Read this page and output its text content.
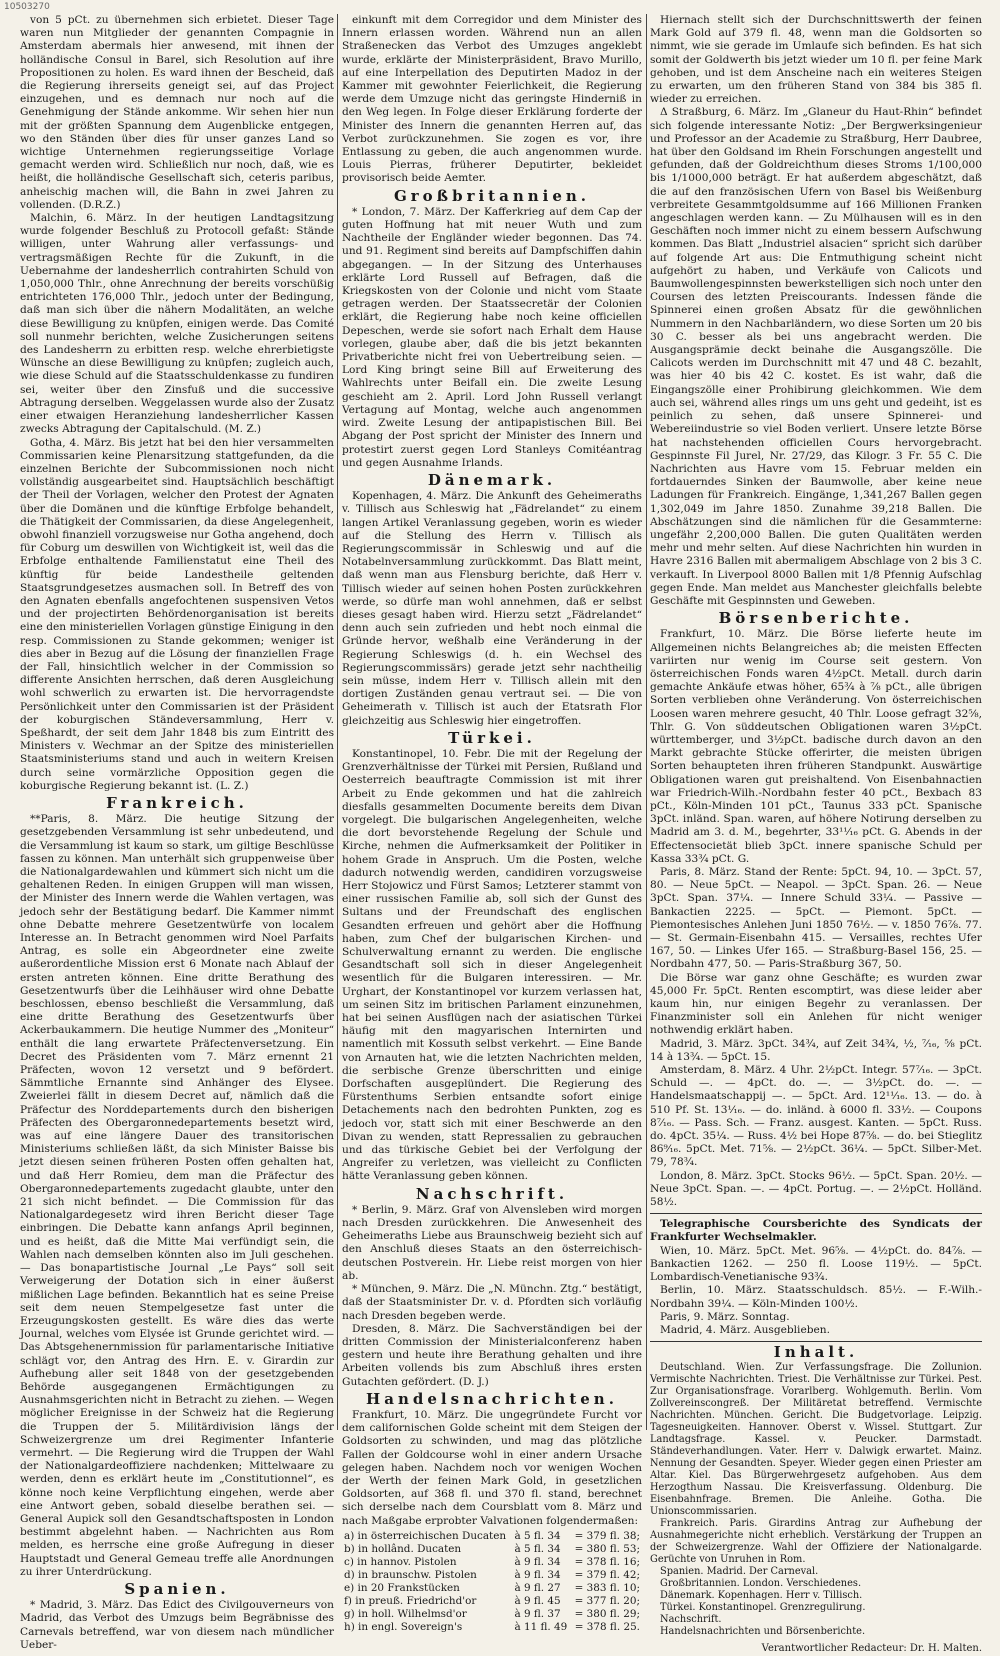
10503270

von 5 pCt. zu übernehmen sich erbietet. Dieser Tage waren nun Mitglieder der genannten Compagnie in Amsterdam abermals hier anwesend, mit ihnen der holländische Consul in Barel, sich Resolution auf ihre Propositionen zu holen. Es ward ihnen der Bescheid, daß die Regierung ihrerseits geneigt sei, auf das Project einzugehen, und es demnach nur noch auf die Genehmigung der Stände ankomme. Wir sehen hier nun mit der größten Spannung dem Augenblicke entgegen, wo den Ständen über dies für unser ganzes Land so wichtige Unternehmen regierungsseitige Vorlage gemacht werden wird. Schließlich nur noch, daß, wie es heißt, die holländische Gesellschaft sich, ceteris paribus, anheischig machen will, die Bahn in zwei Jahren zu vollenden. (D.R.Z.)

Malchin, 6. März. In der heutigen Landtagsitzung wurde folgender Beschluß zu Protocoll gefaßt: Stände willigen, unter Wahrung aller verfassungs- und vertragsmäßigen Rechte für die Zukunft, in die Uebernahme der landesherrlich contrahirten Schuld von 1,050,000 Thlr., ohne Anrechnung der bereits vorschüßig entrichteten 176,000 Thlr., jedoch unter der Bedingung, daß man sich über die nähern Modalitäten, an welche diese Bewilligung zu knüpfen, einigen werde. Das Comité soll nunmehr berichten, welche Zusicherungen seitens des Landesherrn zu erbitten resp. welche ehrerbietigste Wünsche an diese Bewilligung zu knüpfen; zugleich auch, wie diese Schuld auf die Staatsschuldenkasse zu fundiren sei, weiter über den Zinsfuß und die successive Abtragung derselben. Weggelassen wurde also der Zusatz einer etwaigen Heranziehung landesherrlicher Kassen zwecks Abtragung der Capitalschuld. (M. Z.)

Gotha, 4. März. Bis jetzt hat bei den hier versammelten Commissarien keine Plenarsitzung stattgefunden, da die einzelnen Berichte der Subcommissionen noch nicht vollständig ausgearbeitet sind. Hauptsächlich beschäftigt der Theil der Vorlagen, welcher den Protest der Agnaten über die Domänen und die künftige Erbfolge behandelt, die Thätigkeit der Commissarien, da diese Angelegenheit, obwohl finanziell vorzugsweise nur Gotha angehend, doch für Coburg um deswillen von Wichtigkeit ist, weil das die Erbfolge enthaltende Familienstatut eine Theil des künftig für beide Landestheile geltenden Staatsgrundgesetzes ausmachen soll. In Betreff des von den Agnaten ebenfalls angefochtenen suspensiven Vetos und der projectirten Behördenorganisation ist bereits eine den ministeriellen Vorlagen günstige Einigung in den resp. Commissionen zu Stande gekommen; weniger ist dies aber in Bezug auf die Lösung der finanziellen Frage der Fall, hinsichtlich welcher in der Commission so differente Ansichten herrschen, daß deren Ausgleichung wohl schwerlich zu erwarten ist. Die hervorragendste Persönlichkeit unter den Commissarien ist der Präsident der koburgischen Ständeversammlung, Herr v. Speßhardt, der seit dem Jahr 1848 bis zum Eintritt des Ministers v. Wechmar an der Spitze des ministeriellen Staatsministeriums stand und auch in weitern Kreisen durch seine vormärzliche Opposition gegen die koburgische Regierung bekannt ist. (L. Z.)

Frankreich.

**Paris, 8. März. Die heutige Sitzung der gesetzgebenden Versammlung ist sehr unbedeutend, und die Versammlung ist kaum so stark, um giltige Beschlüsse fassen zu können. Man unterhält sich gruppenweise über die Nationalgardewahlen und kümmert sich nicht um die gehaltenen Reden. In einigen Gruppen will man wissen, der Minister des Innern werde die Wahlen vertagen, was jedoch sehr der Bestätigung bedarf. Die Kammer nimmt ohne Debatte mehrere Gesetzentwürfe von localem Interesse an. In Betracht genommen wird Noel Parfaits Antrag, es solle ein Abgeordneter eine zweite außerordentliche Mission erst 6 Monate nach Ablauf der ersten antreten können. Eine dritte Berathung des Gesetzentwurfs über die Leihhäuser wird ohne Debatte beschlossen, ebenso beschließt die Versammlung, daß eine dritte Berathung des Gesetzentwurfs über Ackerbaukammern. Die heutige Nummer des „Moniteur“ enthält die lang erwartete Präfectenversetzung. Ein Decret des Präsidenten vom 7. März ernennt 21 Präfecten, wovon 12 versetzt und 9 befördert. Sämmtliche Ernannte sind Anhänger des Elysee. Zweierlei fällt in diesem Decret auf, nämlich daß die Präfectur des Norddepartements durch den bisherigen Präfecten des Obergaronnedepartements besetzt wird, was auf eine längere Dauer des transitorischen Ministeriums schließen läßt, da sich Minister Baisse bis jetzt diesen seinen früheren Posten offen gehalten hat, und daß Herr Romieu, dem man die Präfectur des Obergaronnedepartements zugedacht glaubte, unter den 21 sich nicht befindet. — Die Commission für das Nationalgardegesetz wird ihren Bericht dieser Tage einbringen. Die Debatte kann anfangs April beginnen, und es heißt, daß die Mitte Mai verfündigt sein, die Wahlen nach demselben könnten also im Juli geschehen. — Das bonapartistische Journal „Le Pays“ soll seit Verweigerung der Dotation sich in einer äußerst mißlichen Lage befinden. Bekanntlich hat es seine Preise seit dem neuen Stempelgesetze fast unter die Erzeugungskosten gestellt. Es wäre dies das werte Journal, welches vom Elysée ist Grunde gerichtet wird. — Das Abtsgehenernmission für parlamentarische Initiative schlägt vor, den Antrag des Hrn. E. v. Girardin zur Aufhebung aller seit 1848 von der gesetzgebenden Behörde ausgegangenen Ermächtigungen zu Ausnahmsgerichten nicht in Betracht zu ziehen. — Wegen möglicher Ereignisse in der Schweiz hat die Regierung die Truppen der 5. Militärdivision längs der Schweizergrenze um drei Regimenter Infanterie vermehrt. — Die Regierung wird die Truppen der Wahl der Nationalgardeoffiziere nachdenken; Mittelwaare zu werden, denn es erklärt heute im „Constitutionnel“, es könne noch keine Verpflichtung eingehen, werde aber eine Antwort geben, sobald dieselbe berathen sei. — General Aupick soll den Gesandtschaftsposten in London bestimmt abgelehnt haben. — Nachrichten aus Rom melden, es herrsche eine große Aufregung in dieser Hauptstadt und General Gemeau treffe alle Anordnungen zu ihrer Unterdrückung.

Spanien.

* Madrid, 3. März. Das Edict des Civilgouverneurs von Madrid, das Verbot des Umzugs beim Begräbnisse des Carnevals betreffend, war von diesem nach mündlicher Ueber-

einkunft mit dem Corregidor und dem Minister des Innern erlassen worden. Während nun an allen Straßenecken das Verbot des Umzuges angeklebt wurde, erklärte der Ministerpräsident, Bravo Murillo, auf eine Interpellation des Deputirten Madoz in der Kammer mit gewohnter Feierlichkeit, die Regierung werde dem Umzuge nicht das geringste Hinderniß in den Weg legen. In Folge dieser Erklärung forderte der Minister des Innern die genannten Herren auf, das Verbot zurückzunehmen. Sie zogen es vor, ihre Entlassung zu geben, die auch angenommen wurde. Louis Pierras, früherer Deputirter, bekleidet provisorisch beide Aemter.

Großbritannien.

* London, 7. März. Der Kafferkrieg auf dem Cap der guten Hoffnung hat mit neuer Wuth und zum Nachtheile der Engländer wieder begonnen. Das 74. und 91. Regiment sind bereits auf Dampfschiffen dahin abgegangen. — In der Sitzung des Unterhauses erklärte Lord Russell auf Befragen, daß die Kriegskosten von der Colonie und nicht vom Staate getragen werden. Der Staatssecretär der Colonien erklärt, die Regierung habe noch keine officiellen Depeschen, werde sie sofort nach Erhalt dem Hause vorlegen, glaube aber, daß die bis jetzt bekannten Privatberichte nicht frei von Uebertreibung seien. — Lord King bringt seine Bill auf Erweiterung des Wahlrechts unter Beifall ein. Die zweite Lesung geschieht am 2. April. Lord John Russell verlangt Vertagung auf Montag, welche auch angenommen wird. Zweite Lesung der antipapistischen Bill. Bei Abgang der Post spricht der Minister des Innern und protestirt zuerst gegen Lord Stanleys Comitéantrag und gegen Ausnahme Irlands.

Dänemark.

Kopenhagen, 4. März. Die Ankunft des Geheimeraths v. Tillisch aus Schleswig hat „Fädrelandet“ zu einem langen Artikel Veranlassung gegeben, worin es wieder auf die Stellung des Herrn v. Tillisch als Regierungscommissär in Schleswig und auf die Notabelnversammlung zurückkommt. Das Blatt meint, daß wenn man aus Flensburg berichte, daß Herr v. Tillisch wieder auf seinen hohen Posten zurückkehren werde, so dürfe man wohl annehmen, daß er selbst dieses gesagt haben wird. Hierzu setzt „Fädrelandet“ denn auch sein zufrieden und hebt noch einmal die Gründe hervor, weßhalb eine Veränderung in der Regierung Schleswigs (d. h. ein Wechsel des Regierungscommissärs) gerade jetzt sehr nachtheilig sein müsse, indem Herr v. Tillisch allein mit den dortigen Zuständen genau vertraut sei. — Die von Geheimerath v. Tillisch ist auch der Etatsrath Flor gleichzeitig aus Schleswig hier eingetroffen.

Türkei.

Konstantinopel, 10. Febr. Die mit der Regelung der Grenzverhältnisse der Türkei mit Persien, Rußland und Oesterreich beauftragte Commission ist mit ihrer Arbeit zu Ende gekommen und hat die zahlreich diesfalls gesammelten Documente bereits dem Divan vorgelegt. Die bulgarischen Angelegenheiten, welche die dort bevorstehende Regelung der Schule und Kirche, nehmen die Aufmerksamkeit der Politiker in hohem Grade in Anspruch. Um die Posten, welche dadurch notwendig werden, candidiren vorzugsweise Herr Stojowicz und Fürst Samos; Letzterer stammt von einer russischen Familie ab, soll sich der Gunst des Sultans und der Freundschaft des englischen Gesandten erfreuen und gehört aber die Hoffnung haben, zum Chef der bulgarischen Kirchen- und Schulverwaltung ernannt zu werden. Die englische Gesandtschaft soll sich in dieser Angelegenheit wesentlich für die Bulgaren interessiren. — Mr. Urghart, der Konstantinopel vor kurzem verlassen hat, um seinen Sitz im britischen Parlament einzunehmen, hat bei seinen Ausflügen nach der asiatischen Türkei häufig mit den magyarischen Internirten und namentlich mit Kossuth selbst verkehrt. — Eine Bande von Arnauten hat, wie die letzten Nachrichten melden, die serbische Grenze überschritten und einige Dorfschaften ausgeplündert. Die Regierung des Fürstenthums Serbien entsandte sofort einige Detachements nach den bedrohten Punkten, zog es jedoch vor, statt sich mit einer Beschwerde an den Divan zu wenden, statt Repressalien zu gebrauchen und das türkische Gebiet bei der Verfolgung der Angreifer zu verletzen, was vielleicht zu Conflicten hätte Veranlassung geben können.

Nachschrift.

* Berlin, 9. März. Graf von Alvensleben wird morgen nach Dresden zurückkehren. Die Anwesenheit des Geheimeraths Liebe aus Braunschweig bezieht sich auf den Anschluß dieses Staats an den österreichisch-deutschen Postverein. Hr. Liebe reist morgen von hier ab.

* München, 9. März. Die „N. Münchn. Ztg.“ bestätigt, daß der Staatsminister Dr. v. d. Pfordten sich vorläufig nach Dresden begeben werde.

Dresden, 8. März. Die Sachverständigen bei der dritten Commission der Ministerialconferenz haben gestern und heute ihre Berathung gehalten und ihre Arbeiten vollends bis zum Abschluß ihres ersten Gutachten gefördert. (D. J.)

Handelsnachrichten.

Frankfurt, 10. März. Die ungegründete Furcht vor dem californischen Golde scheint mit dem Steigen der Goldsorten zu schwinden, und mag das plötzliche Fallen der Goldcourse wohl in einer andern Ursache gelegen haben. Nachdem noch vor wenigen Wochen der Werth der feinen Mark Gold, in gesetzlichen Goldsorten, auf 368 fl. und 370 fl. stand, berechnet sich derselbe nach dem Coursblatt vom 8. März und nach Maßgabe erprobter Valvationen folgendermaßen:

a) in österreichischen Ducaten	à 5 fl. 34	= 379 fl. 38;
b) in hollând. Ducaten	à 5 fl. 34	= 380 fl. 53;
c) in hannov. Pistolen	à 9 fl. 34	= 378 fl. 16;
d) in braunschw. Pistolen	à 9 fl. 34	= 379 fl. 42;
e) in 20 Frankstücken	à 9 fl. 27	= 383 fl. 10;
f) in preuß. Friedrichd'or	à 9 fl. 45	= 377 fl. 20;
g) in holl. Wilhelmsd'or	à 9 fl. 37	= 380 fl. 29;
h) in engl. Sovereign's	à 11 fl. 49	= 378 fl. 25.

Hiernach stellt sich der Durchschnittswerth der feinen Mark Gold auf 379 fl. 48, wenn man die Goldsorten so nimmt, wie sie gerade im Umlaufe sich befinden. Es hat sich somit der Goldwerth bis jetzt wieder um 10 fl. per feine Mark gehoben, und ist dem Anscheine nach ein weiteres Steigen zu erwarten, um den früheren Stand von 384 bis 385 fl. wieder zu erreichen.

Δ Straßburg, 6. März. Im „Glaneur du Haut-Rhin“ befindet sich folgende interessante Notiz: „Der Bergwerksingenieur und Professor an der Academie zu Straßburg, Herr Daubree, hat über den Goldsand im Rhein Forschungen angestellt und gefunden, daß der Goldreichthum dieses Stroms 1/100,000 bis 1/1000,000 beträgt. Er hat außerdem abgeschätzt, daß die auf den französischen Ufern von Basel bis Weißenburg verbreitete Gesammtgoldsumme auf 166 Millionen Franken angeschlagen werden kann. — Zu Mülhausen will es in den Geschäften noch immer nicht zu einem bessern Aufschwung kommen. Das Blatt „Industriel alsacien“ spricht sich darüber auf folgende Art aus: Die Entmuthigung scheint nicht aufgehört zu haben, und Verkäufe von Calicots und Baumwollengespinnsten bewerkstelligen sich noch unter den Coursen des letzten Preiscourants. Indessen fände die Spinnerei einen großen Absatz für die gewöhnlichen Nummern in den Nachbarländern, wo diese Sorten um 20 bis 30 C. besser als bei uns angebracht werden. Die Ausgangsprämie deckt beinahe die Ausgangszölle. Die Calicots werden im Durchschnitt mit 47 und 48 C. bezahlt, was hier 40 bis 42 C. kostet. Es ist wahr, daß die Eingangszölle einer Prohibirung gleichkommen. Wie dem auch sei, während alles rings um uns geht und gedeiht, ist es peinlich zu sehen, daß unsere Spinnerei- und Webereiindustrie so viel Boden verliert. Unsere letzte Börse hat nachstehenden officiellen Cours hervorgebracht. Gespinnste Fil Jurel, Nr. 27/29, das Kilogr. 3 Fr. 55 C. Die Nachrichten aus Havre vom 15. Februar melden ein fortdauerndes Sinken der Baumwolle, aber keine neue Ladungen für Frankreich. Eingänge, 1,341,267 Ballen gegen 1,302,049 im Jahre 1850. Zunahme 39,218 Ballen. Die Abschätzungen sind die nämlichen für die Gesammterne: ungefähr 2,200,000 Ballen. Die guten Qualitäten werden mehr und mehr selten. Auf diese Nachrichten hin wurden in Havre 2316 Ballen mit abermaligem Abschlage von 2 bis 3 C. verkauft. In Liverpool 8000 Ballen mit 1/8 Pfennig Aufschlag gegen Ende. Man meldet aus Manchester gleichfalls belebte Geschäfte mit Gespinnsten und Geweben.

Börsenberichte.

Frankfurt, 10. März. Die Börse lieferte heute im Allgemeinen nichts Belangreiches ab; die meisten Effecten variirten nur wenig im Course seit gestern. Von österreichischen Fonds waren 4½pCt. Metall. durch darin gemachte Ankäufe etwas höher, 65¾ à ⅞ pCt., alle übrigen Sorten verblieben ohne Veränderung. Von österreichischen Loosen waren mehrere gesucht, 40 Thlr. Loose gefragt 32⅝, Thlr. G. Von süddeutschen Obligationen waren 3½pCt. württemberger, und 3½pCt. badische durch davon an den Markt gebrachte Stücke offerirter, die meisten übrigen Sorten behaupteten ihren früheren Standpunkt. Auswärtige Obligationen waren gut preishaltend. Von Eisenbahnactien war Friedrich-Wilh.-Nordbahn fester 40 pCt., Bexbach 83 pCt., Köln-Minden 101 pCt., Taunus 333 pCt. Spanische 3pCt. inländ. Span. waren, auf höhere Notirung derselben zu Madrid am 3. d. M., begehrter, 33¹¹⁄₁₆ pCt. G. Abends in der Effectensocietät blieb 3pCt. innere spanische Schuld per Kassa 33¾ pCt. G.

Paris, 8. März. Stand der Rente: 5pCt. 94, 10. — 3pCt. 57, 80. — Neue 5pCt. — Neapol. — 3pCt. Span. 26. — Neue 3pCt. Span. 37¼. — Innere Schuld 33¼. — Passive — Bankactien 2225. — 5pCt. — Piemont. 5pCt. — Piemontesisches Anlehen Juni 1850 76½. — v. 1850 76⅞. 77. — St. Germain-Eisenbahn 415. — Versailles, rechtes Ufer 167, 50. — Linkes Ufer 165. — Straßburg-Basel 156, 25. — Nordbahn 477, 50. — Paris-Straßburg 367, 50.

Die Börse war ganz ohne Geschäfte; es wurden zwar 45,000 Fr. 5pCt. Renten escomptirt, was diese leider aber kaum hin, nur einigen Begehr zu veranlassen. Der Finanzminister soll ein Anlehen für nicht weniger nothwendig erklärt haben.

Madrid, 3. März. 3pCt. 34¾, auf Zeit 34¾, ½, ⁷⁄₁₆, ⅝ pCt. 14 à 13¾. — 5pCt. 15.

Amsterdam, 8. März. 4 Uhr. 2½pCt. Integr. 57⁷⁄₁₆. — 3pCt. Schuld —. — 4pCt. do. —. — 3½pCt. do. —. — Handelsmaatschappij —. — 5pCt. Ard. 12¹¹⁄₁₆. 13. — do. à 510 Pf. St. 13¹⁄₁₆. — do. inländ. à 6000 fl. 33½. — Coupons 8⁷⁄₁₆. — Pass. Sch. — Franz. ausgest. Kanten. — 5pCt. Russ. do. 4pCt. 35¼. — Russ. 4½ bei Hope 87⅝. — do. bei Stieglitz 86⁹⁄₁₆. 5pCt. Met. 71⅝. — 2½pCt. 36¼. — 5pCt. Silber-Met. 79, 78¾.

London, 8. März. 3pCt. Stocks 96½. — 5pCt. Span. 20½. — Neue 3pCt. Span. —. — 4pCt. Portug. —. — 2½pCt. Holländ. 58½.

Telegraphische Coursberichte des Syndicats der Frankfurter Wechselmakler.

Wien, 10. März. 5pCt. Met. 96⅝. — 4½pCt. do. 84⅞. — Bankactien 1262. — 250 fl. Loose 119½. — 5pCt. Lombardisch-Venetianische 93¾.

Berlin, 10. März. Staatsschuldsch. 85½. — F.-Wilh.-Nordbahn 39¼. — Köln-Minden 100½.

Paris, 9. März. Sonntag.

Madrid, 4. März. Ausgeblieben.

Inhalt.

Deutschland. Wien. Zur Verfassungsfrage. Die Zollunion. Vermischte Nachrichten. Triest. Die Verhältnisse zur Türkei. Pest. Zur Organisationsfrage. Vorarlberg. Wohlgemuth. Berlin. Vom Zollvereinscongreß. Der Militäretat betreffend. Vermischte Nachrichten. München. Gericht. Die Budgetvorlage. Leipzig. Tagesneuigkeiten. Hannover. Oberst v. Wissel. Stuttgart. Zur Landtagsfrage. Kassel. v. Peucker. Darmstadt. Ständeverhandlungen. Vater. Herr v. Dalwigk erwartet. Mainz. Nennung der Gesandten. Speyer. Wieder gegen einen Priester am Altar. Kiel. Das Bürgerwehrgesetz aufgehoben. Aus dem Herzogthum Nassau. Die Kreisverfassung. Oldenburg. Die Eisenbahnfrage. Bremen. Die Anleihe. Gotha. Die Unionscommissarien.

Frankreich. Paris. Girardins Antrag zur Aufhebung der Ausnahmegerichte nicht erheblich. Verstärkung der Truppen an der Schweizergrenze. Wahl der Offiziere der Nationalgarde. Gerüchte von Unruhen in Rom.

Spanien. Madrid. Der Carneval.

Großbritannien. London. Verschiedenes.

Dänemark. Kopenhagen. Herr v. Tillisch.

Türkei. Konstantinopel. Grenzregulirung.

Nachschrift.

Handelsnachrichten und Börsenberichte.

Verantwortlicher Redacteur: Dr. H. Malten.
